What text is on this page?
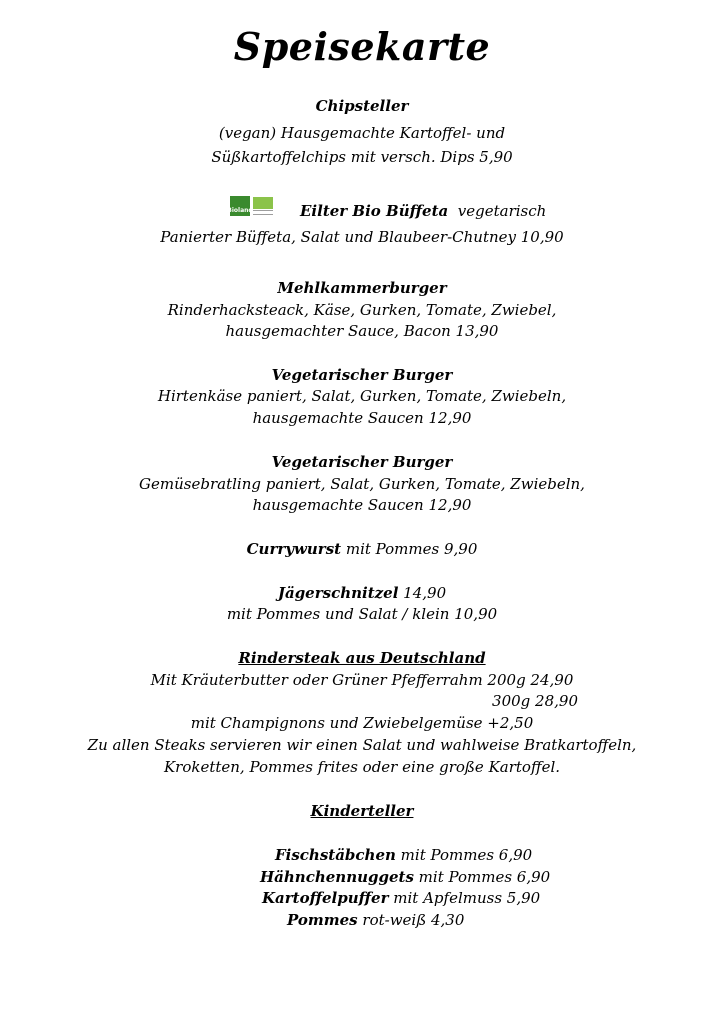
Speisekarte
Chipsteller
(vegan) Hausgemachte Kartoffel- und
Süßkartoffelchips mit versch. Dips 5,90
Bioland	Eilter Bio Büffeta vegetarisch
Panierter Büffeta, Salat und Blaubeer-Chutney 10,90
Mehlkammerburger
Rinderhacksteack, Käse, Gurken, Tomate, Zwiebel,
hausgemachter Sauce, Bacon 13,90
Vegetarischer Burger
Hirtenkäse paniert, Salat, Gurken, Tomate, Zwiebeln,
hausgemachte Saucen 12,90
Vegetarischer Burger
Gemüsebratling paniert, Salat, Gurken, Tomate, Zwiebeln,
hausgemachte Saucen 12,90
Currywurst mit Pommes 9,90
Jägerschnitzel 14,90
mit Pommes und Salat / klein 10,90
Rindersteak aus Deutschland
Mit Kräuterbutter oder Grüner Pfefferrahm 200g 24,90
300g 28,90
mit Champignons und Zwiebelgemüse +2,50
Zu allen Steaks servieren wir einen Salat und wahlweise Bratkartoffeln,
Kroketten, Pommes frites oder eine große Kartoffel.
Kinderteller
Fischstäbchen mit Pommes 6,90
Hähnchennuggets mit Pommes 6,90
Kartoffelpuffer mit Apfelmuss 5,90
Pommes rot-weiß 4,30
